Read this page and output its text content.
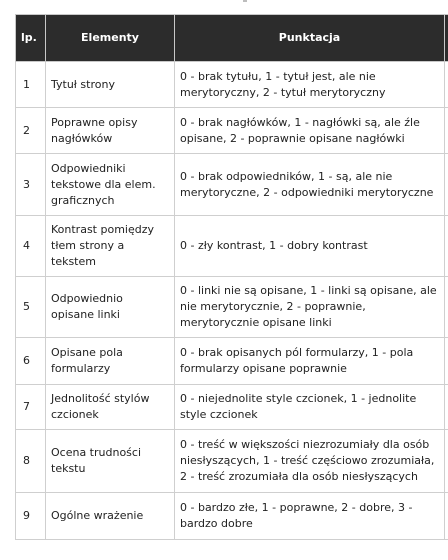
lp.	Elementy	Punktacja	
1	Tytuł strony	0 - brak tytułu, 1 - tytuł jest, ale nie merytoryczny, 2 - tytuł merytoryczny	
2	Poprawne opisy nagłówków	0 - brak nagłówków, 1 - nagłówki są, ale źle opisane, 2 - poprawnie opisane nagłówki	
3	Odpowiedniki tekstowe dla elem. graficznych	0 - brak odpowiedników, 1 - są, ale nie merytoryczne, 2 - odpowiedniki merytoryczne	
4	Kontrast pomiędzy tłem strony a tekstem	0 - zły kontrast, 1 - dobry kontrast	
5	Odpowiednio opisane linki	0 - linki nie są opisane, 1 - linki są opisane, ale nie merytorycznie, 2 - poprawnie, merytorycznie opisane linki	
6	Opisane pola formularzy	0 - brak opisanych pól formularzy, 1 - pola formularzy opisane poprawnie	
7	Jednolitość stylów czcionek	0 - niejednolite style czcionek, 1 - jednolite style czcionek	
8	Ocena trudności tekstu	0 - treść w większości niezrozumiały dla osób niesłyszących, 1 - treść częściowo zrozumiała, 2 - treść zrozumiała dla osób niesłyszących	
9	Ogólne wrażenie	0 - bardzo złe, 1 - poprawne, 2 - dobre, 3 - bardzo dobre	
